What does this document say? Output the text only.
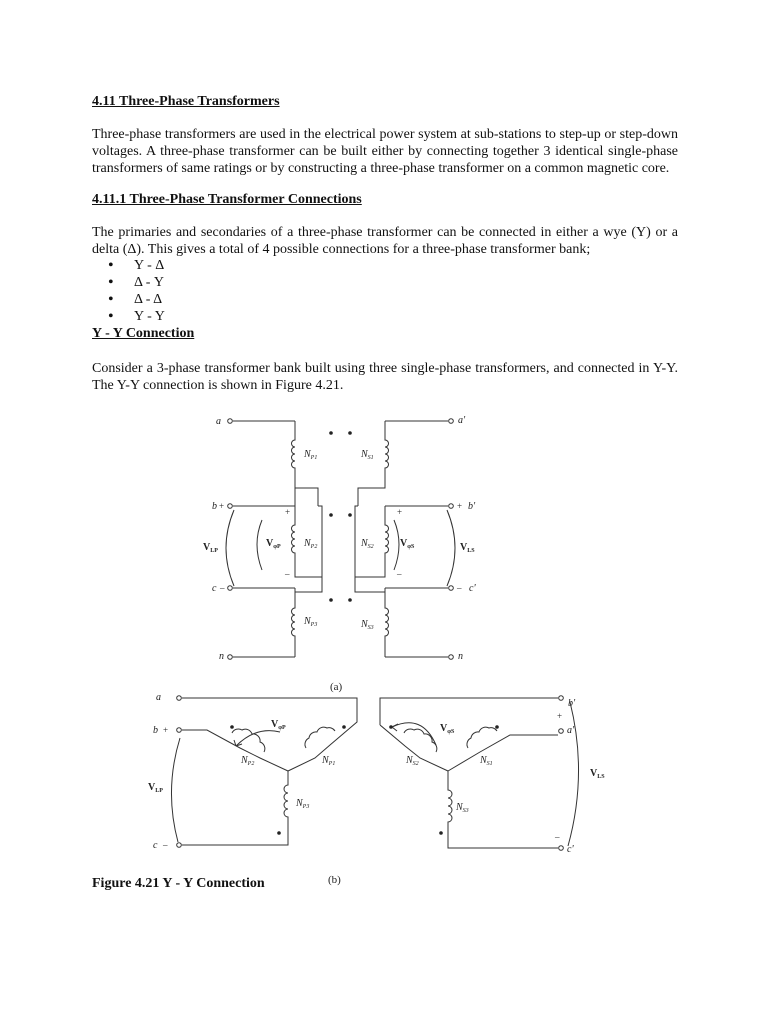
4.11 Three-Phase Transformers

Three-phase transformers are used in the electrical power system at sub-stations to step-up or step-down voltages. A three-phase transformer can be built either by connecting together 3 identical single-phase transformers of same ratings or by constructing a three-phase transformer on a common magnetic core.

4.11.1 Three-Phase Transformer Connections

The primaries and secondaries of a three-phase transformer can be connected in either a wye (Y) or a delta (Δ). This gives a total of 4 possible connections for a three-phase transformer bank;

• Y - Δ
• Δ - Y
• Δ - Δ
• Y - Y
Y - Y Connection

Consider a 3-phase transformer bank built using three single-phase transformers, and connected in Y-Y. The Y-Y connection is shown in Figure 4.21.

a
b +
c –
n
$N_{P1}$
$N_{P2}$
$N_{P3}$
+
–
$V_{\varphi P}$
$V_{LP}$
$N_{S1}$
$N_{S2}$
$N_{S3}$
a'
+ b'
– c'
n
+
–
$V_{\varphi S}$	$V_{LS}$
(a)
a
b +	$V_{\varphi P}$
$N_{P2}$	$N_{P1}$
$N_{P3}$
c –
$V_{LP}$
b'
+
a'
$V_{\varphi S}$
$N_{S2}$	$N_{S1}$
$N_{S3}$
–
c'
$V_{LS}$
(b)

Figure 4.21 Y - Y Connection
